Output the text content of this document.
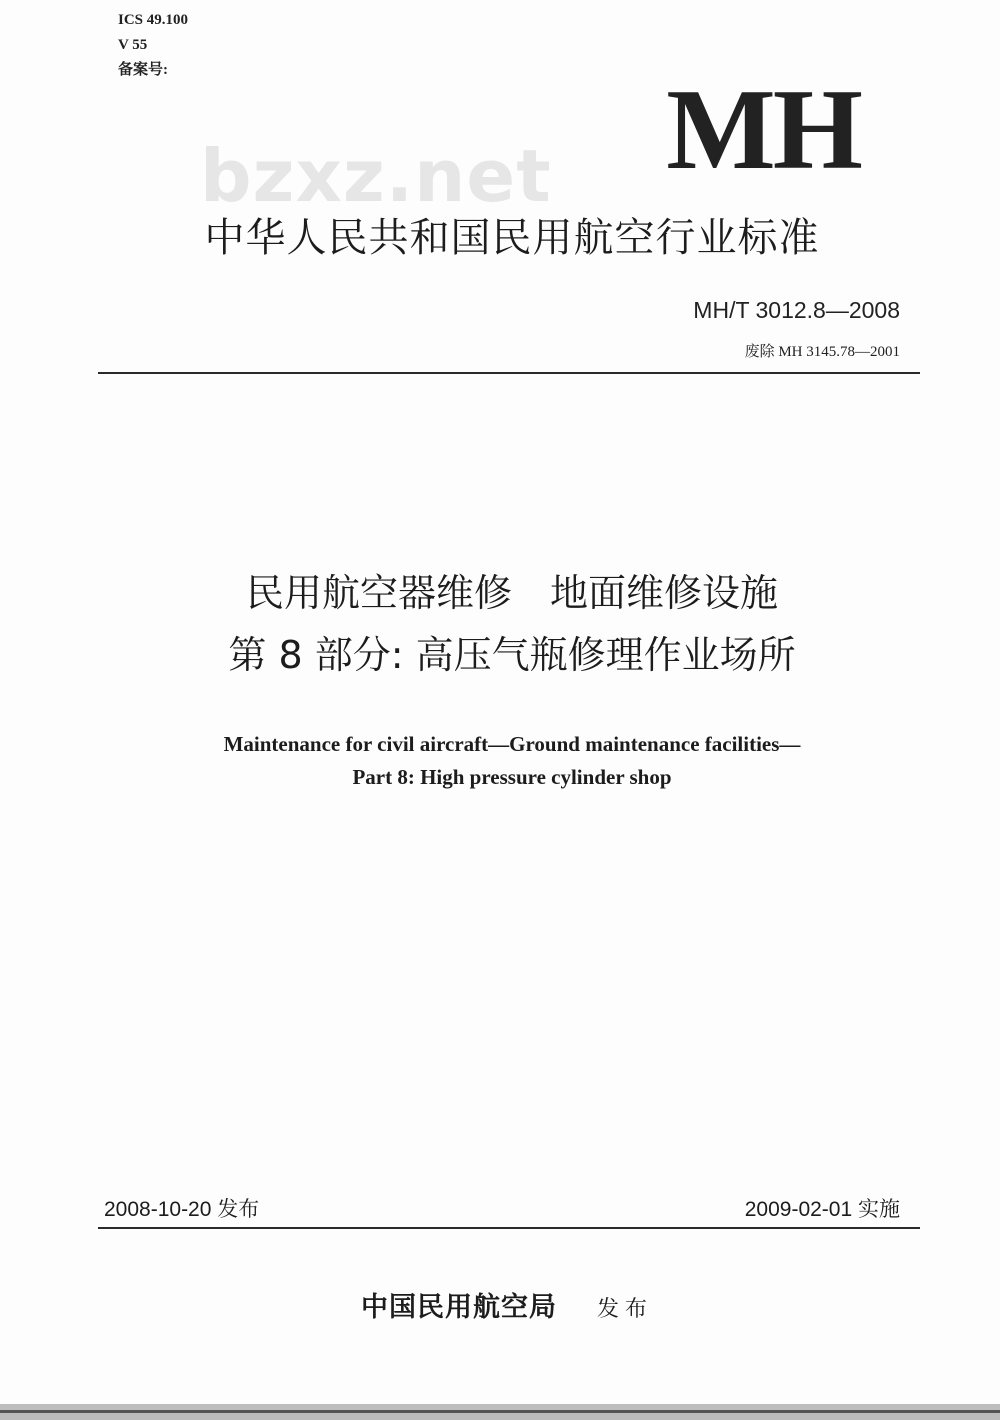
ICS 49.100
V 55
备案号:
bzxz.net MH
中华人民共和国民用航空行业标准
MH/T 3012.8—2008
废除 MH 3145.78—2001
民用航空器维修　地面维修设施
第 8 部分: 高压气瓶修理作业场所
Maintenance for civil aircraft—Ground maintenance facilities—
Part 8: High pressure cylinder shop
2008-10-20 发布	2009-02-01 实施
中国民用航空局 发布
